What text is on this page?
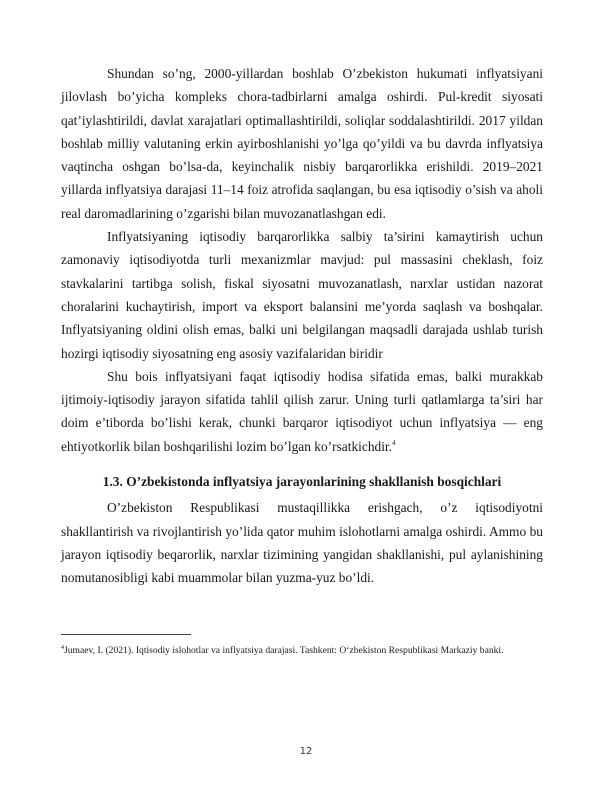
Shundan so’ng, 2000-yillardan boshlab O’zbekiston hukumati inflyatsiyani jilovlash bo’yicha kompleks chora-tadbirlarni amalga oshirdi. Pul-kredit siyosati qat’iylashtirildi, davlat xarajatlari optimallashtirildi, soliqlar soddalashtirildi. 2017 yildan boshlab milliy valutaning erkin ayirboshlanishi yo’lga qo’yildi va bu davrda inflyatsiya vaqtincha oshgan bo’lsa-da, keyinchalik nisbiy barqarorlikka erishildi. 2019–2021 yillarda inflyatsiya darajasi 11–14 foiz atrofida saqlangan, bu esa iqtisodiy o’sish va aholi real daromadlarining o’zgarishi bilan muvozanatlashgan edi.

Inflyatsiyaning iqtisodiy barqarorlikka salbiy ta’sirini kamaytirish uchun zamonaviy iqtisodiyotda turli mexanizmlar mavjud: pul massasini cheklash, foiz stavkalarini tartibga solish, fiskal siyosatni muvozanatlash, narxlar ustidan nazorat choralarini kuchaytirish, import va eksport balansini me’yorda saqlash va boshqalar. Inflyatsiyaning oldini olish emas, balki uni belgilangan maqsadli darajada ushlab turish hozirgi iqtisodiy siyosatning eng asosiy vazifalaridan biridir

Shu bois inflyatsiyani faqat iqtisodiy hodisa sifatida emas, balki murakkab ijtimoiy-iqtisodiy jarayon sifatida tahlil qilish zarur. Uning turli qatlamlarga ta’siri har doim e’tiborda bo’lishi kerak, chunki barqaror iqtisodiyot uchun inflyatsiya — eng ehtiyotkorlik bilan boshqarilishi lozim bo’lgan ko’rsatkichdir.$^4$

1.3. O’zbekistonda inflyatsiya jarayonlarining shakllanish bosqichlari

O’zbekiston Respublikasi mustaqillikka erishgach, o’z iqtisodiyotni shakllantirish va rivojlantirish yo’lida qator muhim islohotlarni amalga oshirdi. Ammo bu jarayon iqtisodiy beqarorlik, narxlar tizimining yangidan shakllanishi, pul aylanishining nomutanosibligi kabi muammolar bilan yuzma-yuz bo’ldi.

$^4$Jumaev, I. (2021). Iqtisodiy islohotlar va inflyatsiya darajasi. Tashkent: O‘zbekiston Respublikasi Markaziy banki.

12
